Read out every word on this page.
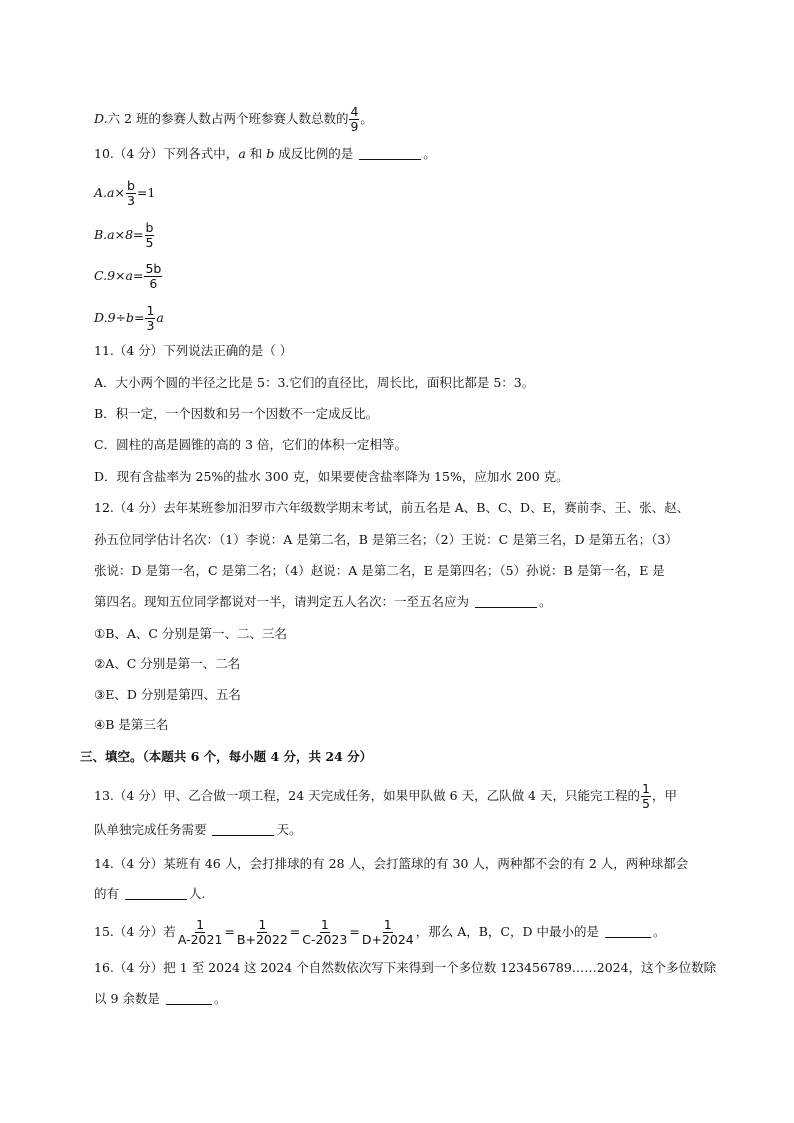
D.六 2 班的参赛人数占两个班参赛人数总数的 $\frac{4}{9}$ 。
10.（4 分）下列各式中，a 和 b 成反比例的是	。
$A.a\times \frac{b}{3} =1$
$B.a\times 8= \frac{b}{5}$
$C.9\times a= \frac{5b}{6}$
$D.9\div b= \frac{1}{3}$ a
11.（4 分）下列说法正确的是（ ）
A．大小两个圆的半径之比是 5：3.它们的直径比，周长比，面积比都是 5：3。
B．积一定，一个因数和另一个因数不一定成反比。
C．圆柱的高是圆锥的高的 3 倍，它们的体积一定相等。
D．现有含盐率为 25%的盐水 300 克，如果要使含盐率降为 15%，应加水 200 克。
12.（4 分）去年某班参加汨罗市六年级数学期末考试，前五名是 A、B、C、D、E，赛前李、王、张、赵、
孙五位同学估计名次：（1）李说：A 是第二名，B 是第三名；（2）王说：C 是第三名，D 是第五名；（3）
张说：D 是第一名，C 是第二名；（4）赵说：A 是第二名，E 是第四名；（5）孙说：B 是第一名，E 是
第四名。现知五位同学都说对一半，请判定五人名次：一至五名应为	。
①B、A、C 分别是第一、二、三名
②A、C 分别是第一、二名
③E、D 分别是第四、五名
④B 是第三名
三、填空。（本题共 6 个，每小题 4 分，共 24 分）
13.（4 分）甲、乙合做一项工程，24 天完成任务，如果甲队做 6 天，乙队做 4 天，只能完工程的 $\frac{1}{5}$ ，甲
队单独完成任务需要	天。
14.（4 分）某班有 46 人，会打排球的有 28 人，会打篮球的有 30 人，两种都不会的有 2 人，两种球都会
的有	人.
15.（4 分）若 $\frac{1}{A-2021} = \frac{1}{B+2022} = \frac{1}{C-2023} = \frac{1}{D+2024}$ ，那么 A，B，C，D 中最小的是	。
16.（4 分）把 1 至 2024 这 2024 个自然数依次写下来得到一个多位数 123456789……2024，这个多位数除
以 9 余数是	。
